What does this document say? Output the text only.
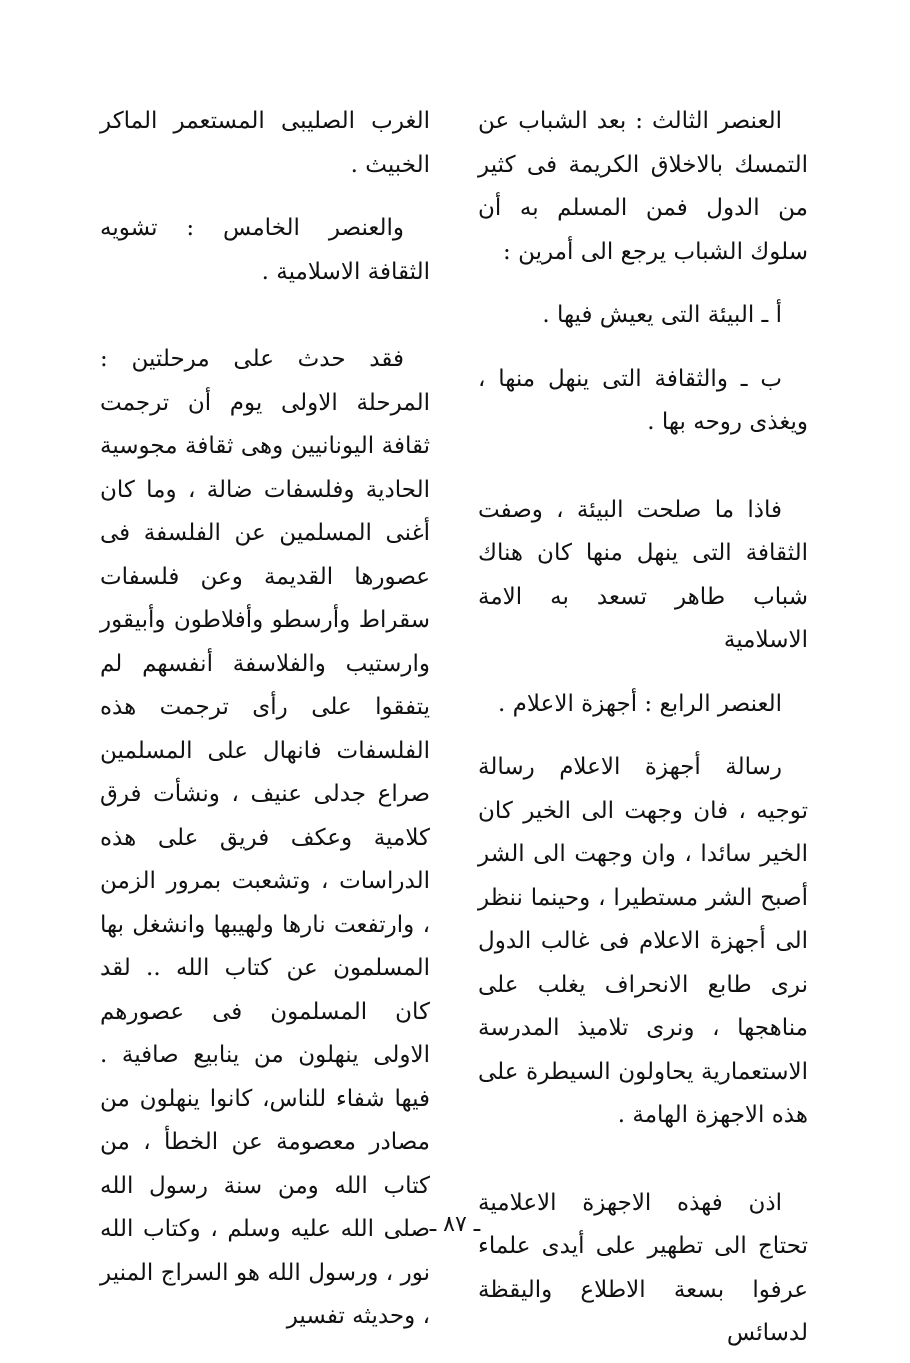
العنصر الثالث : بعد الشباب عن التمسك بالاخلاق الكريمة فى كثير من الدول فمن المسلم به أن سلوك الشباب يرجع الى أمرين :

أ ـ البيئة التى يعيش فيها .

ب ـ والثقافة التى ينهل منها ، ويغذى روحه بها .

فاذا ما صلحت البيئة ، وصفت الثقافة التى ينهل منها كان هناك شباب طاهر تسعد به الامة الاسلامية

العنصر الرابع : أجهزة الاعلام .

رسالة أجهزة الاعلام رسالة توجيه ، فان وجهت الى الخير كان الخير سائدا ، وان وجهت الى الشر أصبح الشر مستطيرا ، وحينما ننظر الى أجهزة الاعلام فى غالب الدول نرى طابع الانحراف يغلب على مناهجها ، ونرى تلاميذ المدرسة الاستعمارية يحاولون السيطرة على هذه الاجهزة الهامة .

اذن فهذه الاجهزة الاعلامية تحتاج الى تطهير على أيدى علماء عرفوا بسعة الاطلاع واليقظة لدسائس

الغرب الصليبى المستعمر الماكر الخبيث .

والعنصر الخامس : تشويه الثقافة الاسلامية .

فقد حدث على مرحلتين : المرحلة الاولى يوم أن ترجمت ثقافة اليونانيين وهى ثقافة مجوسية الحادية وفلسفات ضالة ، وما كان أغنى المسلمين عن الفلسفة فى عصورها القديمة وعن فلسفات سقراط وأرسطو وأفلاطون وأبيقور وارستيب والفلاسفة أنفسهم لم يتفقوا على رأى ترجمت هذه الفلسفات فانهال على المسلمين صراع جدلى عنيف ، ونشأت فرق كلامية وعكف فريق على هذه الدراسات ، وتشعبت بمرور الزمن ، وارتفعت نارها ولهيبها وانشغل بها المسلمون عن كتاب الله .. لقد كان المسلمون فى عصورهم الاولى ينهلون من ينابيع صافية . فيها شفاء للناس، كانوا ينهلون من مصادر معصومة عن الخطأ ، من كتاب الله ومن سنة رسول الله صلى الله عليه وسلم ، وكتاب الله نور ، ورسول الله هو السراج المنير ، وحديثه تفسير

ـ ٨٧ ـ
